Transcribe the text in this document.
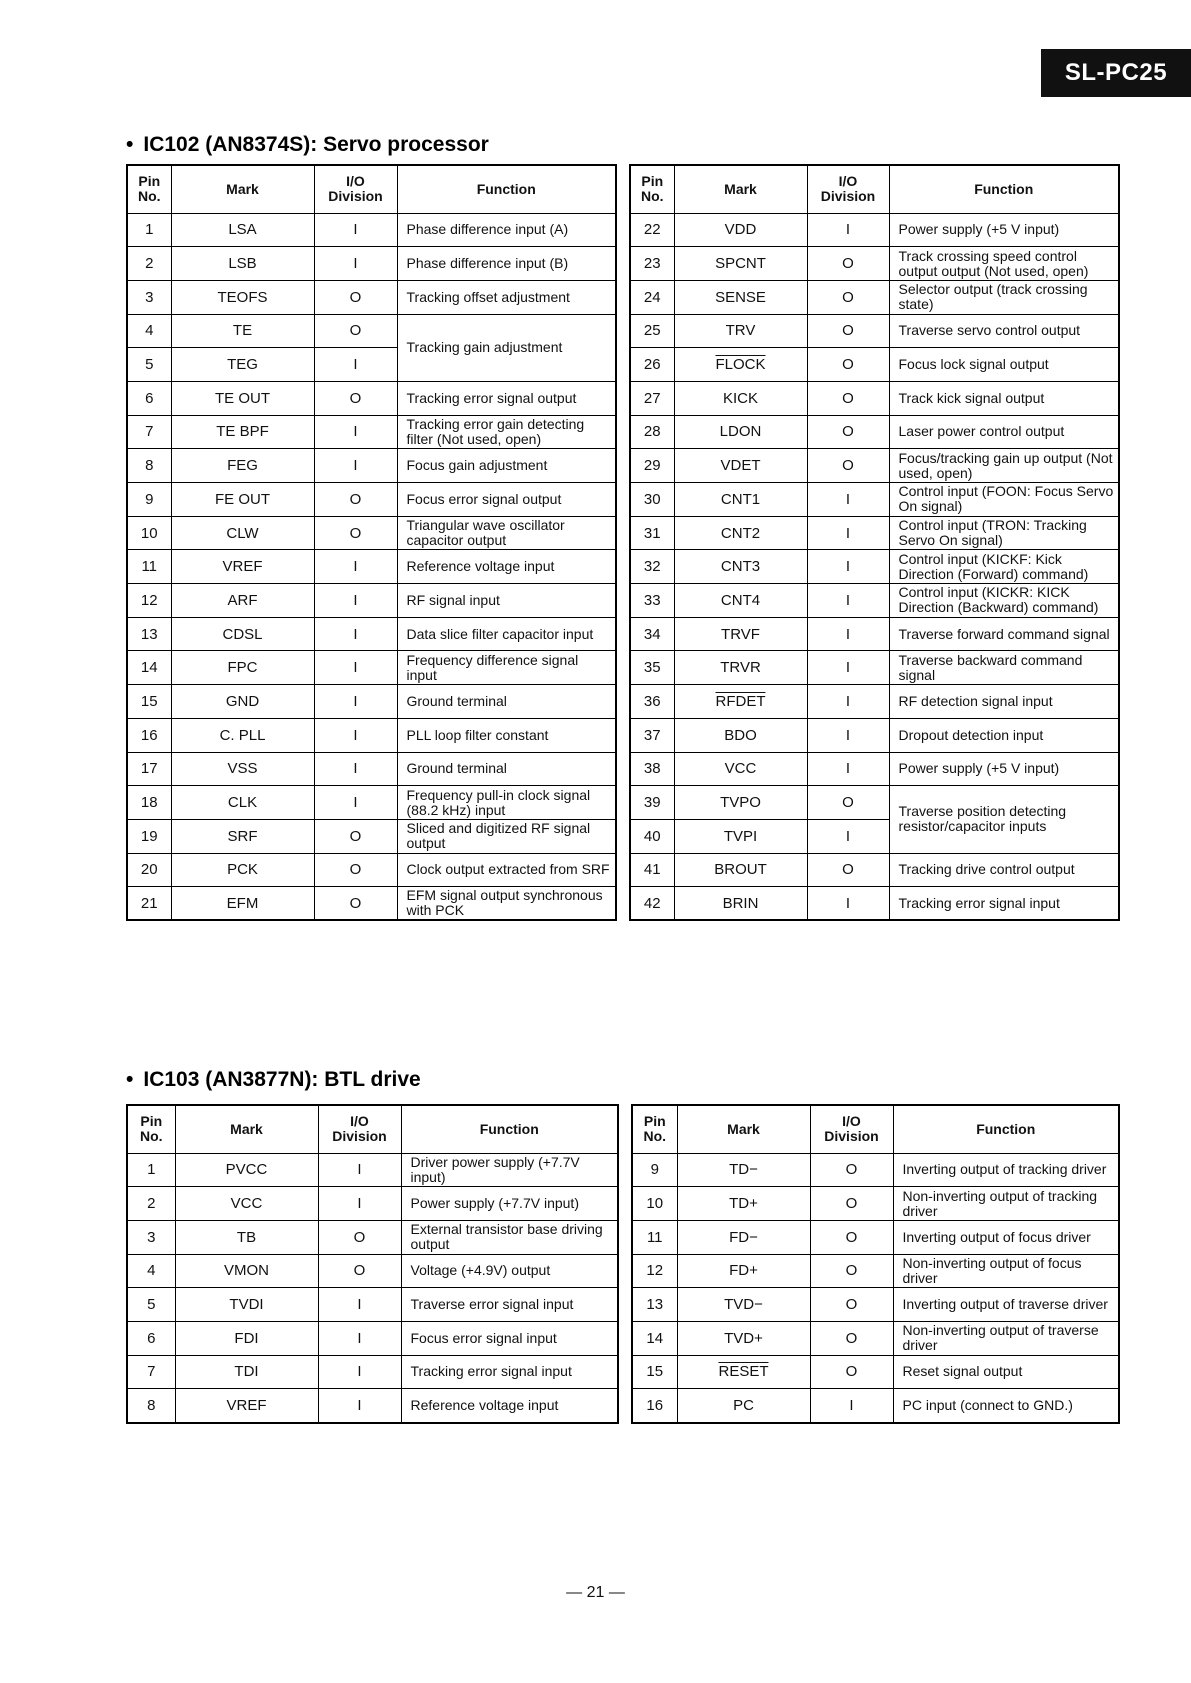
SL-PC25
• IC102 (AN8374S): Servo processor
Pin No.	Mark	I/O Division	Function
1	LSA	I	Phase difference input (A)
2	LSB	I	Phase difference input (B)
3	TEOFS	O	Tracking offset adjustment
4	TE	O	Tracking gain adjustment
5	TEG	I	
6	TE OUT	O	Tracking error signal output
7	TE BPF	I	Tracking error gain detecting filter (Not used, open)
8	FEG	I	Focus gain adjustment
9	FE OUT	O	Focus error signal output
10	CLW	O	Triangular wave oscillator capacitor output
11	VREF	I	Reference voltage input
12	ARF	I	RF signal input
13	CDSL	I	Data slice filter capacitor input
14	FPC	I	Frequency difference signal input
15	GND	I	Ground terminal
16	C. PLL	I	PLL loop filter constant
17	VSS	I	Ground terminal
18	CLK	I	Frequency pull-in clock signal (88.2 kHz) input
19	SRF	O	Sliced and digitized RF signal output
20	PCK	O	Clock output extracted from SRF
21	EFM	O	EFM signal output synchronous with PCK
Pin No.	Mark	I/O Division	Function
22	VDD	I	Power supply (+5 V input)
23	SPCNT	O	Track crossing speed control output output (Not used, open)
24	SENSE	O	Selector output (track crossing state)
25	TRV	O	Traverse servo control output
26	FLOCK	O	Focus lock signal output
27	KICK	O	Track kick signal output
28	LDON	O	Laser power control output
29	VDET	O	Focus/tracking gain up output (Not used, open)
30	CNT1	I	Control input (FOON: Focus Servo On signal)
31	CNT2	I	Control input (TRON: Tracking Servo On signal)
32	CNT3	I	Control input (KICKF: Kick Direction (Forward) command)
33	CNT4	I	Control input (KICKR: KICK Direction (Backward) command)
34	TRVF	I	Traverse forward command signal
35	TRVR	I	Traverse backward command signal
36	RFDET	I	RF detection signal input
37	BDO	I	Dropout detection input
38	VCC	I	Power supply (+5 V input)
39	TVPO	O	Traverse position detecting resistor/capacitor inputs
40	TVPI	I	
41	BROUT	O	Tracking drive control output
42	BRIN	I	Tracking error signal input
• IC103 (AN3877N): BTL drive
Pin No.	Mark	I/O Division	Function
1	PVCC	I	Driver power supply (+7.7V input)
2	VCC	I	Power supply (+7.7V input)
3	TB	O	External transistor base driving output
4	VMON	O	Voltage (+4.9V) output
5	TVDI	I	Traverse error signal input
6	FDI	I	Focus error signal input
7	TDI	I	Tracking error signal input
8	VREF	I	Reference voltage input
Pin No.	Mark	I/O Division	Function
9	TD−	O	Inverting output of tracking driver
10	TD+	O	Non-inverting output of tracking driver
11	FD−	O	Inverting output of focus driver
12	FD+	O	Non-inverting output of focus driver
13	TVD−	O	Inverting output of traverse driver
14	TVD+	O	Non-inverting output of traverse driver
15	RESET	O	Reset signal output
16	PC	I	PC input (connect to GND.)
— 21 —
